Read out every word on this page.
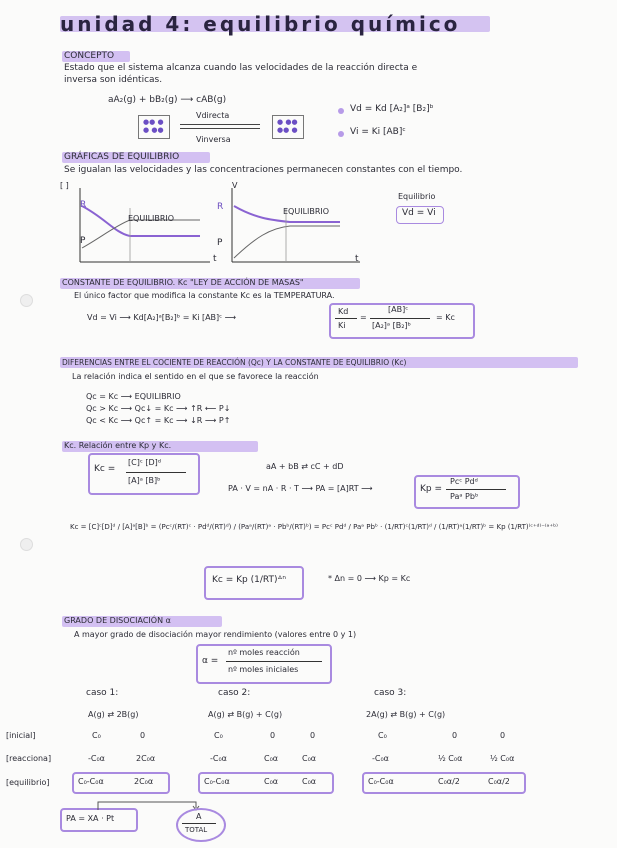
unidad 4: equilibrio químico
CONCEPTO
Estado que el sistema alcanza cuando las velocidades de la reacción directa e
inversa son idénticas.
aA₂(g) + bB₂(g) ⟶ cAB(g)
●● ●
● ●●
Vdirecta
Vinversa
● ●●
●● ●
Vd = Kd [A₂]ᵃ [B₂]ᵇ
Vi = Ki [AB]ᶜ
GRÁFICAS DE EQUILIBRIO
Se igualan las velocidades y las concentraciones permanecen constantes con el tiempo.
[ ]
R
P
t
EQUILIBRIO
V
R
P
t
EQUILIBRIO
Equilibrio
Vd = Vi
CONSTANTE DE EQUILIBRIO. Kc "LEY DE ACCIÓN DE MASAS"
El único factor que modifica la constante Kc es la TEMPERATURA.
Vd = Vi ⟶ Kd[A₂]ᵃ[B₂]ᵇ = Ki [AB]ᶜ ⟶
Kd
Ki
=
[AB]ᶜ
[A₂]ᵃ [B₂]ᵇ
= Kc
DIFERENCIAS ENTRE EL COCIENTE DE REACCIÓN (Qc) Y LA CONSTANTE DE EQUILIBRIO (Kc)
La relación indica el sentido en el que se favorece la reacción
Qc = Kc ⟶ EQUILIBRIO
Qc > Kc ⟶ Qc↓ = Kc ⟶ ↑R ⟵ P↓
Qc < Kc ⟶ Qc↑ = Kc ⟶ ↓R ⟶ P↑
Kc. Relación entre Kp y Kc.
Kc =
[C]ᶜ [D]ᵈ
[A]ᵃ [B]ᵇ
aA + bB ⇄ cC + dD
PA · V = nA · R · T ⟶ PA = [A]RT ⟶	Kp =
Pcᶜ Pdᵈ
Paᵃ Pbᵇ
Kc = [C]ᶜ[D]ᵈ / [A]ᵃ[B]ᵇ = (Pcᶜ/(RT)ᶜ · Pdᵈ/(RT)ᵈ) / (Paᵃ/(RT)ᵃ · Pbᵇ/(RT)ᵇ) = Pcᶜ Pdᵈ / Paᵃ Pbᵇ · (1/RT)ᶜ(1/RT)ᵈ / (1/RT)ᵃ(1/RT)ᵇ = Kp (1/RT)⁽ᶜ⁺ᵈ⁾⁻⁽ᵃ⁺ᵇ⁾
Kc = Kp (1/RT)ᐞⁿ	* Δn = 0 ⟶ Kp = Kc
GRADO DE DISOCIACIÓN α
A mayor grado de disociación mayor rendimiento (valores entre 0 y 1)
α =
nº moles reacción
nº moles iniciales
caso 1:	caso 2:	caso 3:
[inicial]
[reacciona]
[equilibrio]
A(g) ⇄ 2B(g)
C₀	0
-C₀α	2C₀α
C₀-C₀α	2C₀α
A(g) ⇄ B(g) + C(g)
C₀	0	0
-C₀α	C₀α	C₀α
C₀-C₀α	C₀α	C₀α
2A(g) ⇄ B(g) + C(g)
C₀	0	0
-C₀α	½ C₀α	½ C₀α
C₀-C₀α	C₀α/2	C₀α/2
PA = XA · Pt	A
TOTAL
